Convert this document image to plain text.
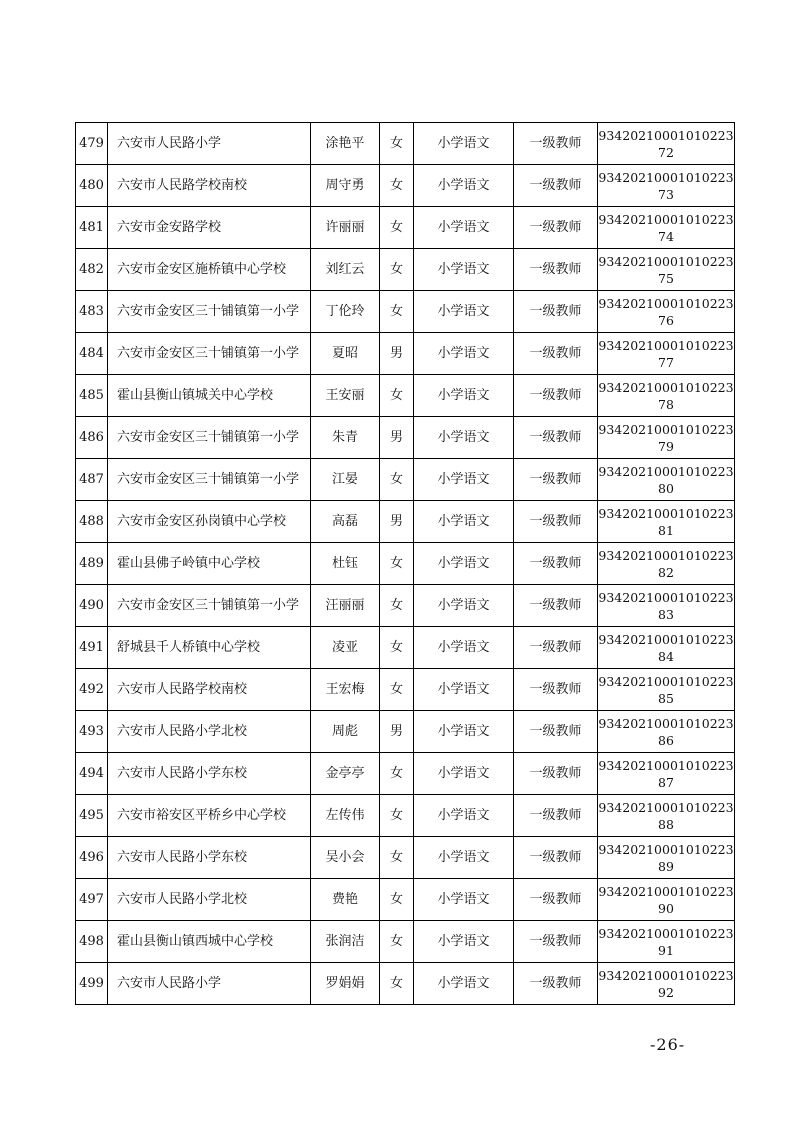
479	六安市人民路小学	涂艳平	女	小学语文	一级教师	93420210001010223
72

480	六安市人民路学校南校	周守勇	女	小学语文	一级教师	93420210001010223
73

481	六安市金安路学校	许丽丽	女	小学语文	一级教师	93420210001010223
74

482	六安市金安区施桥镇中心学校	刘红云	女	小学语文	一级教师	93420210001010223
75

483	六安市金安区三十铺镇第一小学	丁伦玲	女	小学语文	一级教师	93420210001010223
76

484	六安市金安区三十铺镇第一小学	夏昭	男	小学语文	一级教师	93420210001010223
77

485	霍山县衡山镇城关中心学校	王安丽	女	小学语文	一级教师	93420210001010223
78

486	六安市金安区三十铺镇第一小学	朱青	男	小学语文	一级教师	93420210001010223
79

487	六安市金安区三十铺镇第一小学	江晏	女	小学语文	一级教师	93420210001010223
80

488	六安市金安区孙岗镇中心学校	高磊	男	小学语文	一级教师	93420210001010223
81

489	霍山县佛子岭镇中心学校	杜钰	女	小学语文	一级教师	93420210001010223
82

490	六安市金安区三十铺镇第一小学	汪丽丽	女	小学语文	一级教师	93420210001010223
83

491	舒城县千人桥镇中心学校	凌亚	女	小学语文	一级教师	93420210001010223
84

492	六安市人民路学校南校	王宏梅	女	小学语文	一级教师	93420210001010223
85

493	六安市人民路小学北校	周彪	男	小学语文	一级教师	93420210001010223
86

494	六安市人民路小学东校	金亭亭	女	小学语文	一级教师	93420210001010223
87

495	六安市裕安区平桥乡中心学校	左传伟	女	小学语文	一级教师	93420210001010223
88

496	六安市人民路小学东校	吴小会	女	小学语文	一级教师	93420210001010223
89

497	六安市人民路小学北校	费艳	女	小学语文	一级教师	93420210001010223
90

498	霍山县衡山镇西城中心学校	张润洁	女	小学语文	一级教师	93420210001010223
91

499	六安市人民路小学	罗娟娟	女	小学语文	一级教师	93420210001010223
92
-26-
